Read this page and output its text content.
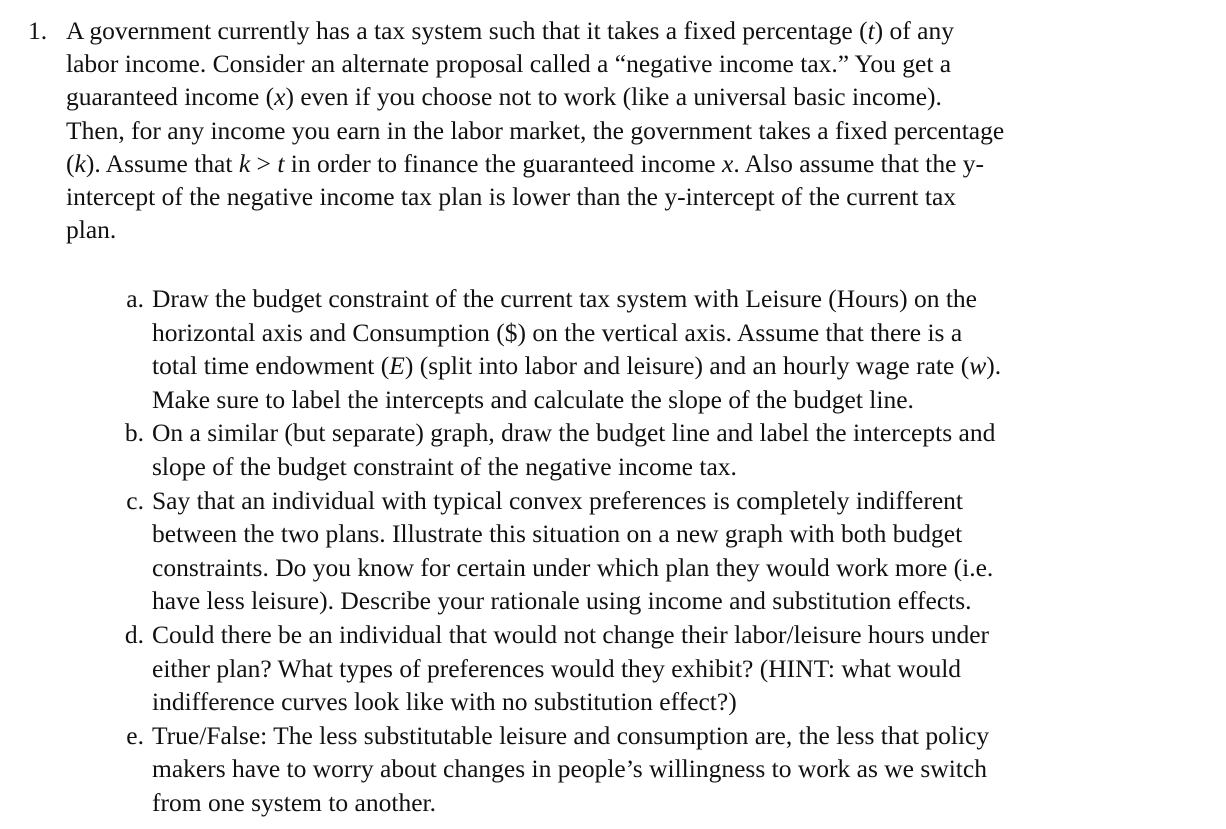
1. A government currently has a tax system such that it takes a fixed percentage (t) of any
labor income. Consider an alternate proposal called a “negative income tax.” You get a
guaranteed income (x) even if you choose not to work (like a universal basic income).
Then, for any income you earn in the labor market, the government takes a fixed percentage
(k). Assume that k > t in order to finance the guaranteed income x. Also assume that the y-
intercept of the negative income tax plan is lower than the y-intercept of the current tax
plan.
a. Draw the budget constraint of the current tax system with Leisure (Hours) on the
horizontal axis and Consumption ($) on the vertical axis. Assume that there is a
total time endowment (E) (split into labor and leisure) and an hourly wage rate (w).
Make sure to label the intercepts and calculate the slope of the budget line.
b. On a similar (but separate) graph, draw the budget line and label the intercepts and
slope of the budget constraint of the negative income tax.
c. Say that an individual with typical convex preferences is completely indifferent
between the two plans. Illustrate this situation on a new graph with both budget
constraints. Do you know for certain under which plan they would work more (i.e.
have less leisure). Describe your rationale using income and substitution effects.
d. Could there be an individual that would not change their labor/leisure hours under
either plan? What types of preferences would they exhibit? (HINT: what would
indifference curves look like with no substitution effect?)
e. True/False: The less substitutable leisure and consumption are, the less that policy
makers have to worry about changes in people’s willingness to work as we switch
from one system to another.
